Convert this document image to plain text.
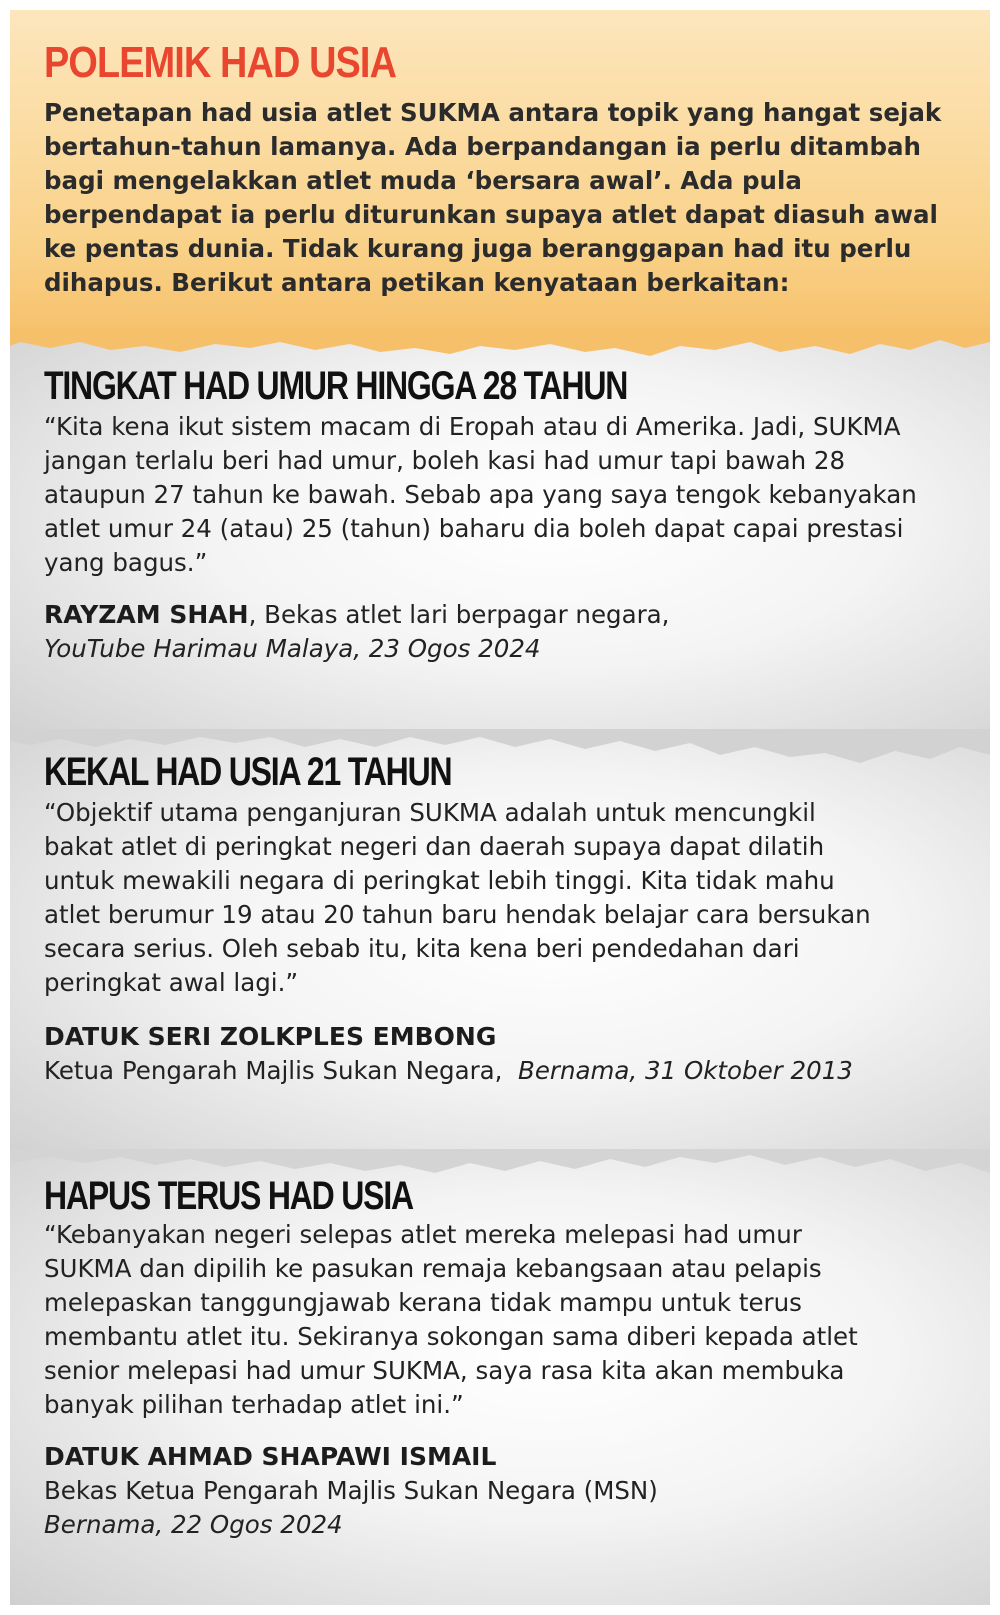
POLEMIK HAD USIA

Penetapan had usia atlet SUKMA antara topik yang hangat sejak bertahun-tahun lamanya. Ada berpandangan ia perlu ditambah bagi mengelakkan atlet muda ‘bersara awal’. Ada pula berpendapat ia perlu diturunkan supaya atlet dapat diasuh awal ke pentas dunia. Tidak kurang juga beranggapan had itu perlu dihapus. Berikut antara petikan kenyataan berkaitan:

TINGKAT HAD UMUR HINGGA 28 TAHUN

“Kita kena ikut sistem macam di Eropah atau di Amerika. Jadi, SUKMA
jangan terlalu beri had umur, boleh kasi had umur tapi bawah 28
ataupun 27 tahun ke bawah. Sebab apa yang saya tengok kebanyakan
atlet umur 24 (atau) 25 (tahun) baharu dia boleh dapat capai prestasi
yang bagus.”

RAYZAM SHAH, Bekas atlet lari berpagar negara,

YouTube Harimau Malaya, 23 Ogos 2024

KEKAL HAD USIA 21 TAHUN

“Objektif utama penganjuran SUKMA adalah untuk mencungkil
bakat atlet di peringkat negeri dan daerah supaya dapat dilatih
untuk mewakili negara di peringkat lebih tinggi. Kita tidak mahu
atlet berumur 19 atau 20 tahun baru hendak belajar cara bersukan
secara serius. Oleh sebab itu, kita kena beri pendedahan dari
peringkat awal lagi.”

DATUK SERI ZOLKPLES EMBONG

Ketua Pengarah Majlis Sukan Negara, Bernama, 31 Oktober 2013

HAPUS TERUS HAD USIA

“Kebanyakan negeri selepas atlet mereka melepasi had umur
SUKMA dan dipilih ke pasukan remaja kebangsaan atau pelapis
melepaskan tanggungjawab kerana tidak mampu untuk terus
membantu atlet itu. Sekiranya sokongan sama diberi kepada atlet
senior melepasi had umur SUKMA, saya rasa kita akan membuka
banyak pilihan terhadap atlet ini.”

DATUK AHMAD SHAPAWI ISMAIL

Bekas Ketua Pengarah Majlis Sukan Negara (MSN)

Bernama, 22 Ogos 2024
